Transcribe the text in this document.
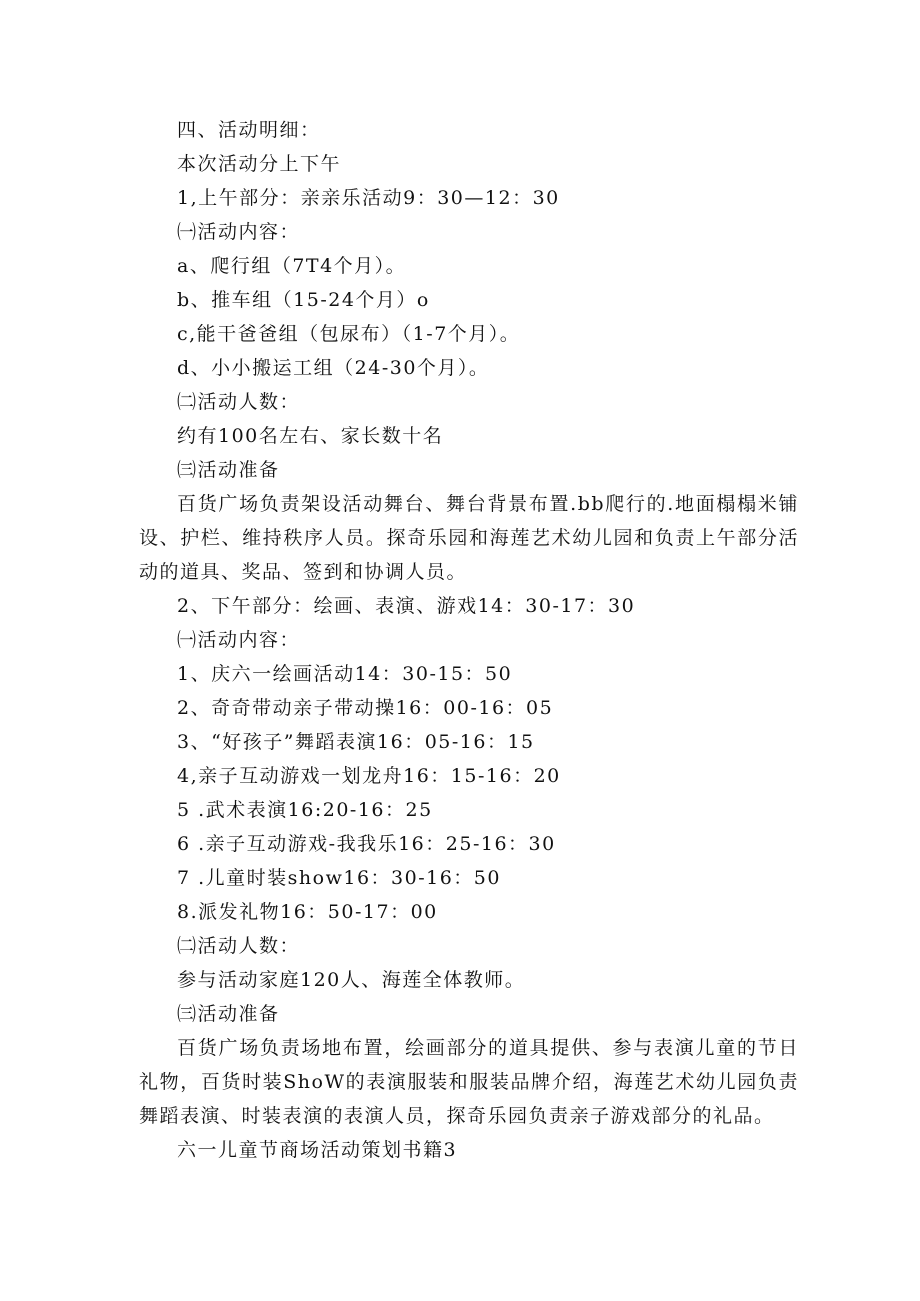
四、活动明细：
本次活动分上下午
1,上午部分：亲亲乐活动9：30—12：30
㈠活动内容：
a、爬行组（7T4个月）。
b、推车组（15-24个月）o
c,能干爸爸组（包尿布）（1-7个月）。
d、小小搬运工组（24-30个月）。
㈡活动人数：
约有100名左右、家长数十名
㈢活动准备

百货广场负责架设活动舞台、舞台背景布置.bb爬行的.地面榻榻米铺设、护栏、维持秩序人员。探奇乐园和海莲艺术幼儿园和负责上午部分活动的道具、奖品、签到和协调人员。

2、下午部分：绘画、表演、游戏14：30-17：30
㈠活动内容：
1、庆六一绘画活动14：30-15：50
2、奇奇带动亲子带动操16：00-16：05
3、“好孩子”舞蹈表演16：05-16：15
4,亲子互动游戏一划龙舟16：15-16：20
5 .武术表演16:20-16：25
6 .亲子互动游戏-我我乐16：25-16：30
7 .儿童时装show16：30-16：50
8.派发礼物16：50-17：00
㈡活动人数：
参与活动家庭120人、海莲全体教师。
㈢活动准备

百货广场负责场地布置，绘画部分的道具提供、参与表演儿童的节日礼物，百货时装ShoW的表演服装和服装品牌介绍，海莲艺术幼儿园负责舞蹈表演、时装表演的表演人员，探奇乐园负责亲子游戏部分的礼品。

六一儿童节商场活动策划书籍3
